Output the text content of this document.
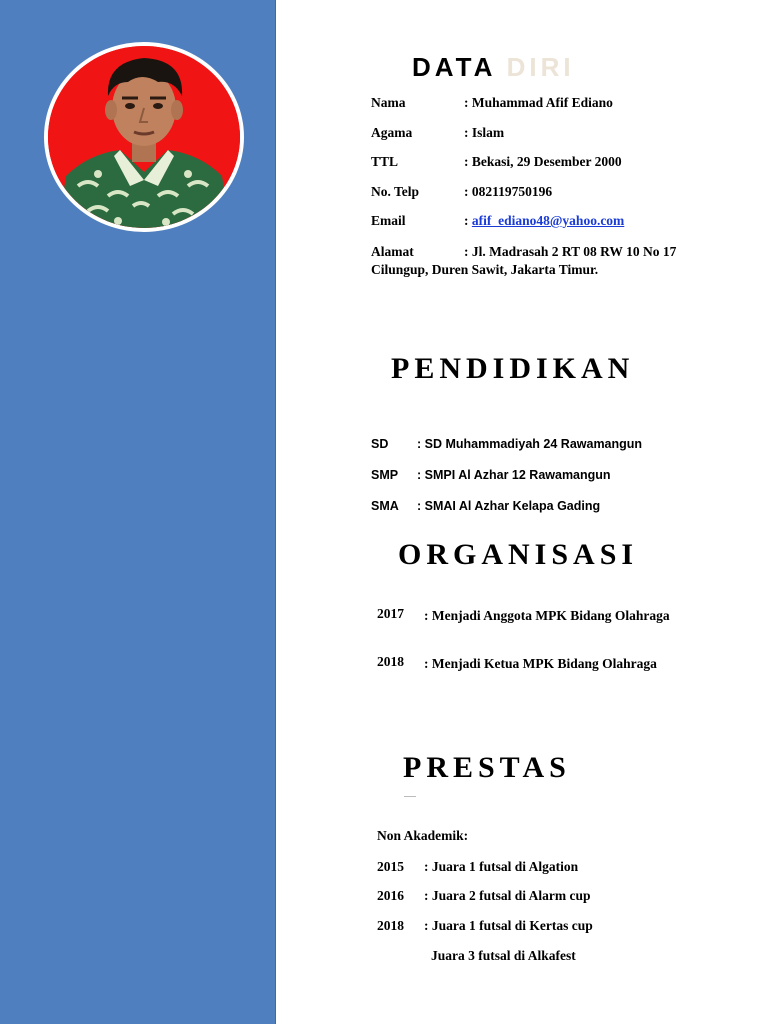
DATA DIRI
Nama	: Muhammad Afif Ediano
Agama	: Islam
TTL	: Bekasi, 29 Desember 2000
No. Telp	: 082119750196
Email	: afif_ediano48@yahoo.com
Alamat	: Jl. Madrasah 2 RT 08 RW 10 No 17
Cilungup, Duren Sawit, Jakarta Timur.
PENDIDIKAN
SD : SD Muhammadiyah 24 Rawamangun
SMP : SMPI Al Azhar 12 Rawamangun
SMA : SMAI Al Azhar Kelapa Gading
ORGANISASI
2017 : Menjadi Anggota MPK Bidang Olahraga
2018 : Menjadi Ketua MPK Bidang Olahraga
PRESTAS
Non Akademik:
2015 : Juara 1 futsal di Algation
2016 : Juara 2 futsal di Alarm cup
2018 : Juara 1 futsal di Kertas cup
Juara 3 futsal di Alkafest
